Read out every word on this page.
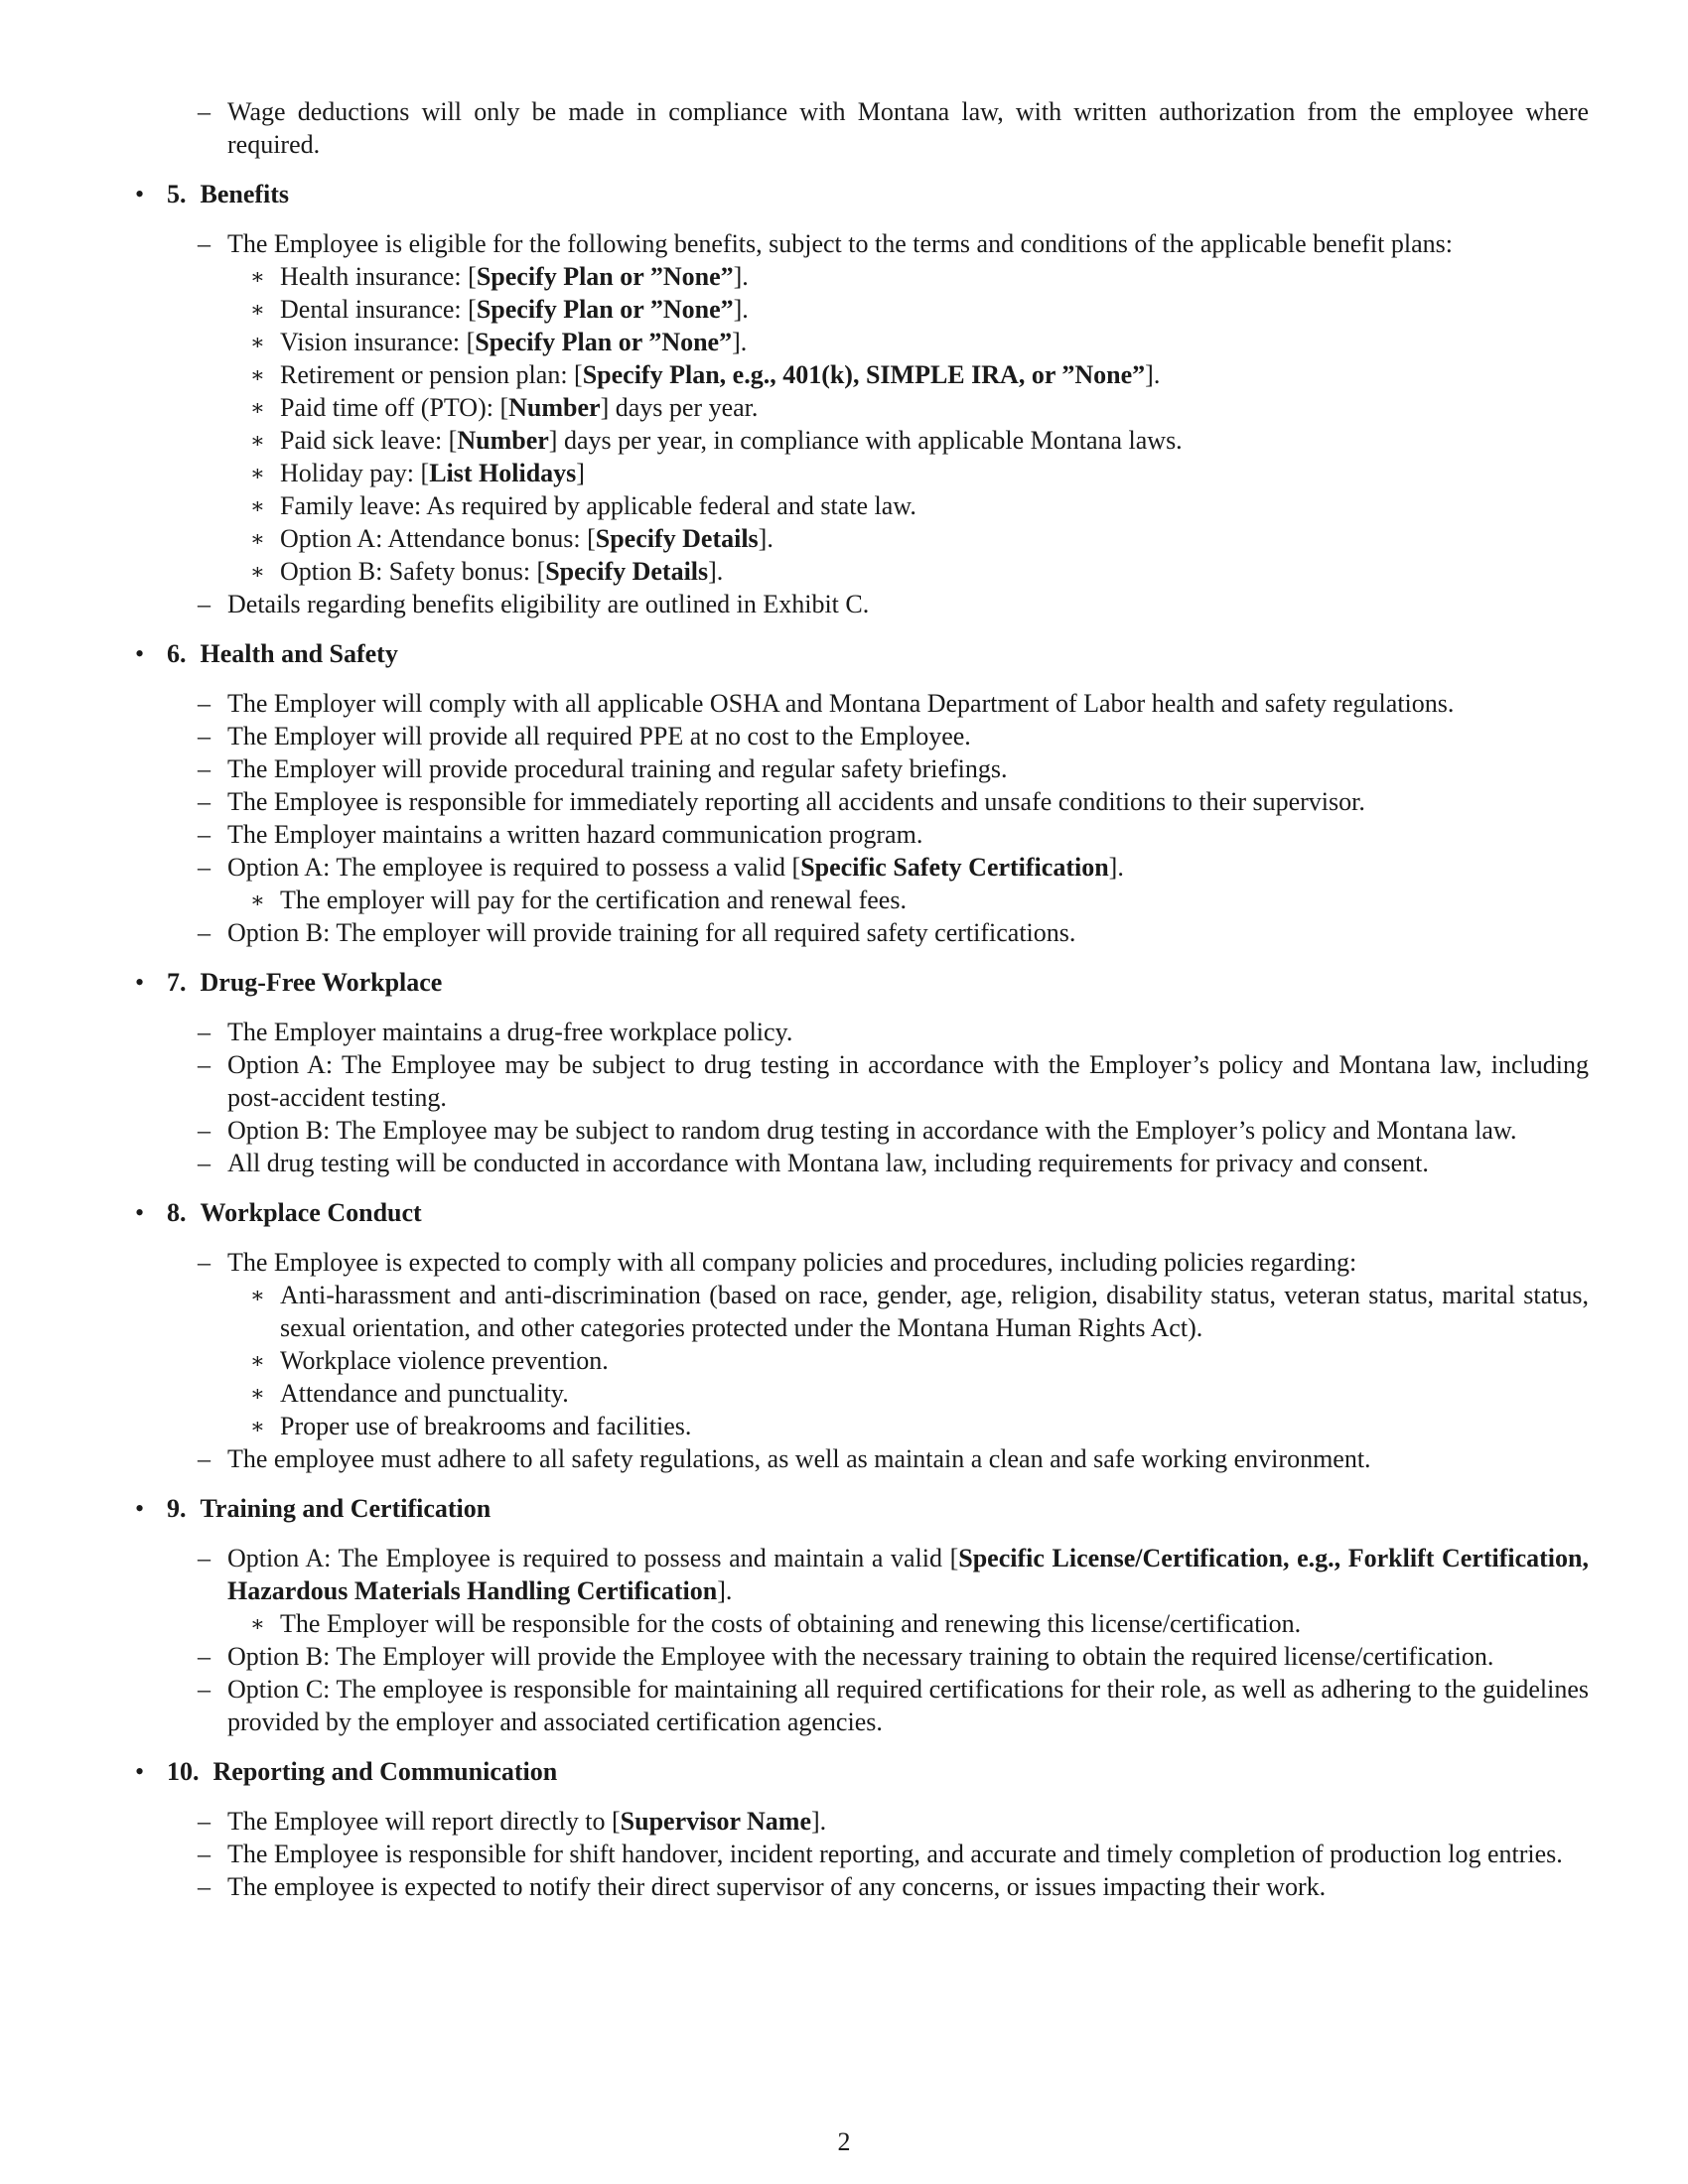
– Wage deductions will only be made in compliance with Montana law, with written authorization from the employee where required.
• 5. Benefits
– The Employee is eligible for the following benefits, subject to the terms and conditions of the applicable benefit plans:
∗ Health insurance: [Specify Plan or ”None”].
∗ Dental insurance: [Specify Plan or ”None”].
∗ Vision insurance: [Specify Plan or ”None”].
∗ Retirement or pension plan: [Specify Plan, e.g., 401(k), SIMPLE IRA, or ”None”].
∗ Paid time off (PTO): [Number] days per year.
∗ Paid sick leave: [Number] days per year, in compliance with applicable Montana laws.
∗ Holiday pay: [List Holidays]
∗ Family leave: As required by applicable federal and state law.
∗ Option A: Attendance bonus: [Specify Details].
∗ Option B: Safety bonus: [Specify Details].
– Details regarding benefits eligibility are outlined in Exhibit C.
• 6. Health and Safety
– The Employer will comply with all applicable OSHA and Montana Department of Labor health and safety regulations.
– The Employer will provide all required PPE at no cost to the Employee.
– The Employer will provide procedural training and regular safety briefings.
– The Employee is responsible for immediately reporting all accidents and unsafe conditions to their supervisor.
– The Employer maintains a written hazard communication program.
– Option A: The employee is required to possess a valid [Specific Safety Certification].
∗ The employer will pay for the certification and renewal fees.
– Option B: The employer will provide training for all required safety certifications.
• 7. Drug-Free Workplace
– The Employer maintains a drug-free workplace policy.
– Option A: The Employee may be subject to drug testing in accordance with the Employer’s policy and Montana law, including post-accident testing.
– Option B: The Employee may be subject to random drug testing in accordance with the Employer’s policy and Montana law.
– All drug testing will be conducted in accordance with Montana law, including requirements for privacy and consent.
• 8. Workplace Conduct
– The Employee is expected to comply with all company policies and procedures, including policies regarding:
∗ Anti-harassment and anti-discrimination (based on race, gender, age, religion, disability status, veteran status, marital status, sexual orientation, and other categories protected under the Montana Human Rights Act).
∗ Workplace violence prevention.
∗ Attendance and punctuality.
∗ Proper use of breakrooms and facilities.
– The employee must adhere to all safety regulations, as well as maintain a clean and safe working environment.
• 9. Training and Certification
– Option A: The Employee is required to possess and maintain a valid [Specific License/Certification, e.g., Forklift Certification, Hazardous Materials Handling Certification].
∗ The Employer will be responsible for the costs of obtaining and renewing this license/certification.
– Option B: The Employer will provide the Employee with the necessary training to obtain the required license/certification.
– Option C: The employee is responsible for maintaining all required certifications for their role, as well as adhering to the guidelines provided by the employer and associated certification agencies.
• 10. Reporting and Communication
– The Employee will report directly to [Supervisor Name].
– The Employee is responsible for shift handover, incident reporting, and accurate and timely completion of production log entries.
– The employee is expected to notify their direct supervisor of any concerns, or issues impacting their work.
2
